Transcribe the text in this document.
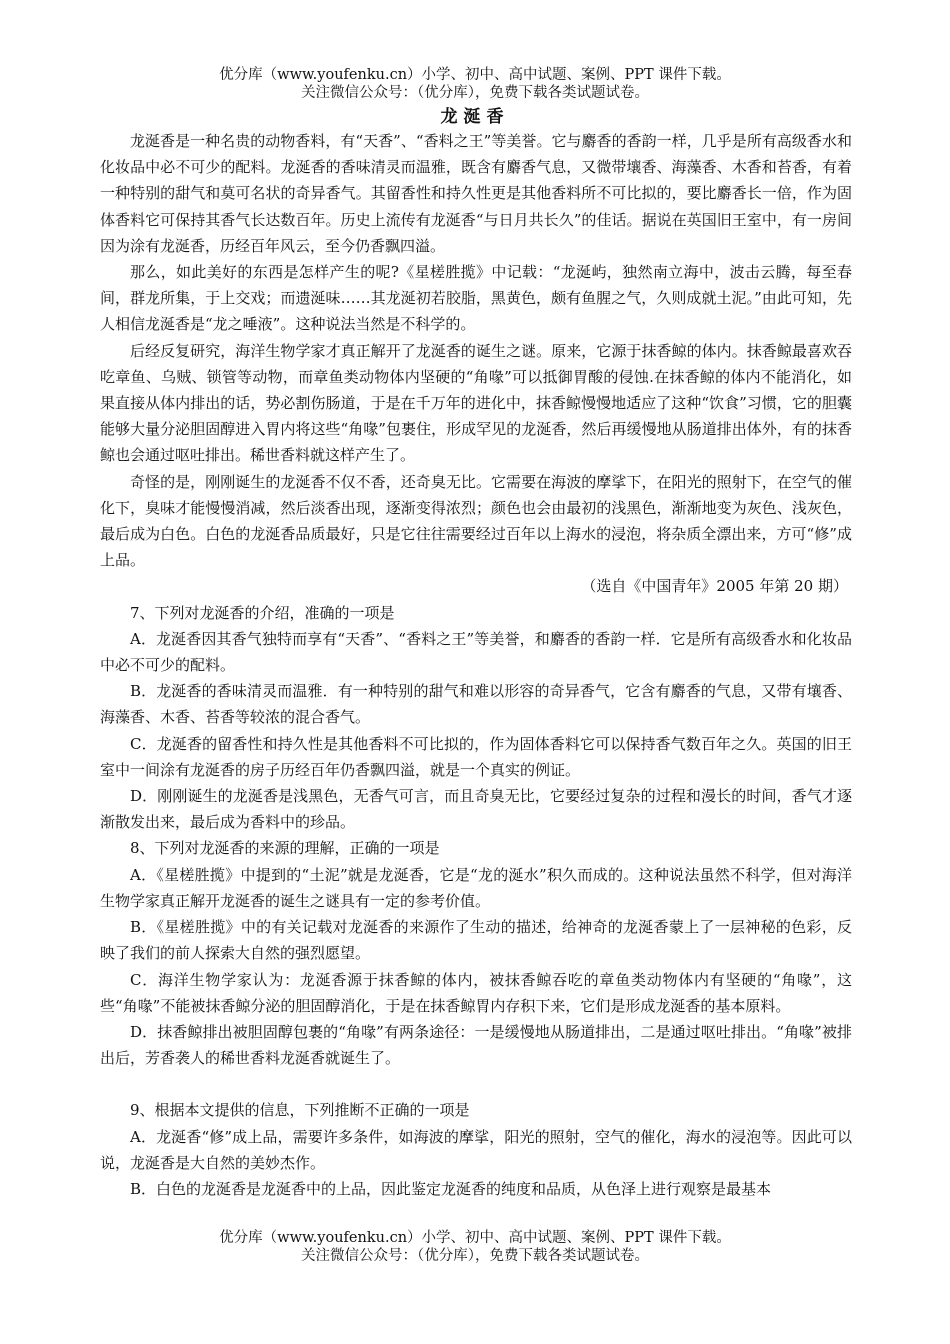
优分库（www.youfenku.cn）小学、初中、高中试题、案例、PPT 课件下载。
关注微信公众号：（优分库），免费下载各类试题试卷。
龙涎香

龙涎香是一种名贵的动物香料，有“天香”、“香料之王”等美誉。它与麝香的香韵一样，几乎是所有高级香水和化妆品中必不可少的配料。龙涎香的香味清灵而温雅，既含有麝香气息，又微带壤香、海藻香、木香和苔香，有着一种特别的甜气和莫可名状的奇异香气。其留香性和持久性更是其他香料所不可比拟的，要比麝香长一倍，作为固体香料它可保持其香气长达数百年。历史上流传有龙涎香“与日月共长久”的佳话。据说在英国旧王室中，有一房间因为涂有龙涎香，历经百年风云，至今仍香飘四溢。

那么，如此美好的东西是怎样产生的呢?《星槎胜揽》中记载：“龙涎屿，独然南立海中，波击云腾，每至春间，群龙所集，于上交戏；而遗涎味……其龙涎初若胶脂，黑黄色，颇有鱼腥之气，久则成就土泥。”由此可知，先人相信龙涎香是“龙之唾液”。这种说法当然是不科学的。

后经反复研究，海洋生物学家才真正解开了龙涎香的诞生之谜。原来，它源于抹香鲸的体内。抹香鲸最喜欢吞吃章鱼、乌贼、锁管等动物，而章鱼类动物体内坚硬的“角喙”可以抵御胃酸的侵蚀.在抹香鲸的体内不能消化，如果直接从体内排出的话，势必割伤肠道，于是在千万年的进化中，抹香鲸慢慢地适应了这种“饮食”习惯，它的胆囊能够大量分泌胆固醇进入胃内将这些“角喙”包裹住，形成罕见的龙涎香，然后再缓慢地从肠道排出体外，有的抹香鲸也会通过呕吐排出。稀世香料就这样产生了。

奇怪的是，刚刚诞生的龙涎香不仅不香，还奇臭无比。它需要在海波的摩挲下，在阳光的照射下，在空气的催化下，臭味才能慢慢消减，然后淡香出现，逐渐变得浓烈；颜色也会由最初的浅黑色，渐渐地变为灰色、浅灰色，最后成为白色。白色的龙涎香品质最好，只是它往往需要经过百年以上海水的浸泡，将杂质全漂出来，方可“修”成上品。

（选自《中国青年》2005 年第 20 期）

7、下列对龙涎香的介绍，准确的一项是

A．龙涎香因其香气独特而享有“天香”、“香料之王”等美誉，和麝香的香韵一样．它是所有高级香水和化妆品中必不可少的配料。

B．龙涎香的香味清灵而温雅．有一种特别的甜气和难以形容的奇异香气，它含有麝香的气息，又带有壤香、海藻香、木香、苔香等较浓的混合香气。

C．龙涎香的留香性和持久性是其他香料不可比拟的，作为固体香料它可以保持香气数百年之久。英国的旧王室中一间涂有龙涎香的房子历经百年仍香飘四溢，就是一个真实的例证。

D．刚刚诞生的龙涎香是浅黑色，无香气可言，而且奇臭无比，它要经过复杂的过程和漫长的时间，香气才逐渐散发出来，最后成为香料中的珍品。

8、下列对龙涎香的来源的理解，正确的一项是

A．《星槎胜揽》中提到的“土泥”就是龙涎香，它是“龙的涎水”积久而成的。这种说法虽然不科学，但对海洋生物学家真正解开龙涎香的诞生之谜具有一定的参考价值。

B．《星槎胜揽》中的有关记载对龙涎香的来源作了生动的描述，给神奇的龙涎香蒙上了一层神秘的色彩，反映了我们的前人探索大自然的强烈愿望。

C．海洋生物学家认为：龙涎香源于抹香鲸的体内，被抹香鲸吞吃的章鱼类动物体内有坚硬的“角喙”，这些“角喙”不能被抹香鲸分泌的胆固醇消化，于是在抹香鲸胃内存积下来，它们是形成龙涎香的基本原料。

D．抹香鲸排出被胆固醇包裹的“角喙”有两条途径：一是缓慢地从肠道排出，二是通过呕吐排出。“角喙”被排出后，芳香袭人的稀世香料龙涎香就诞生了。

9、根据本文提供的信息，下列推断不正确的一项是

A．龙涎香“修”成上品，需要许多条件，如海波的摩挲，阳光的照射，空气的催化，海水的浸泡等。因此可以说，龙涎香是大自然的美妙杰作。

B．白色的龙涎香是龙涎香中的上品，因此鉴定龙涎香的纯度和品质，从色泽上进行观察是最基本

优分库（www.youfenku.cn）小学、初中、高中试题、案例、PPT 课件下载。
关注微信公众号：（优分库），免费下载各类试题试卷。
